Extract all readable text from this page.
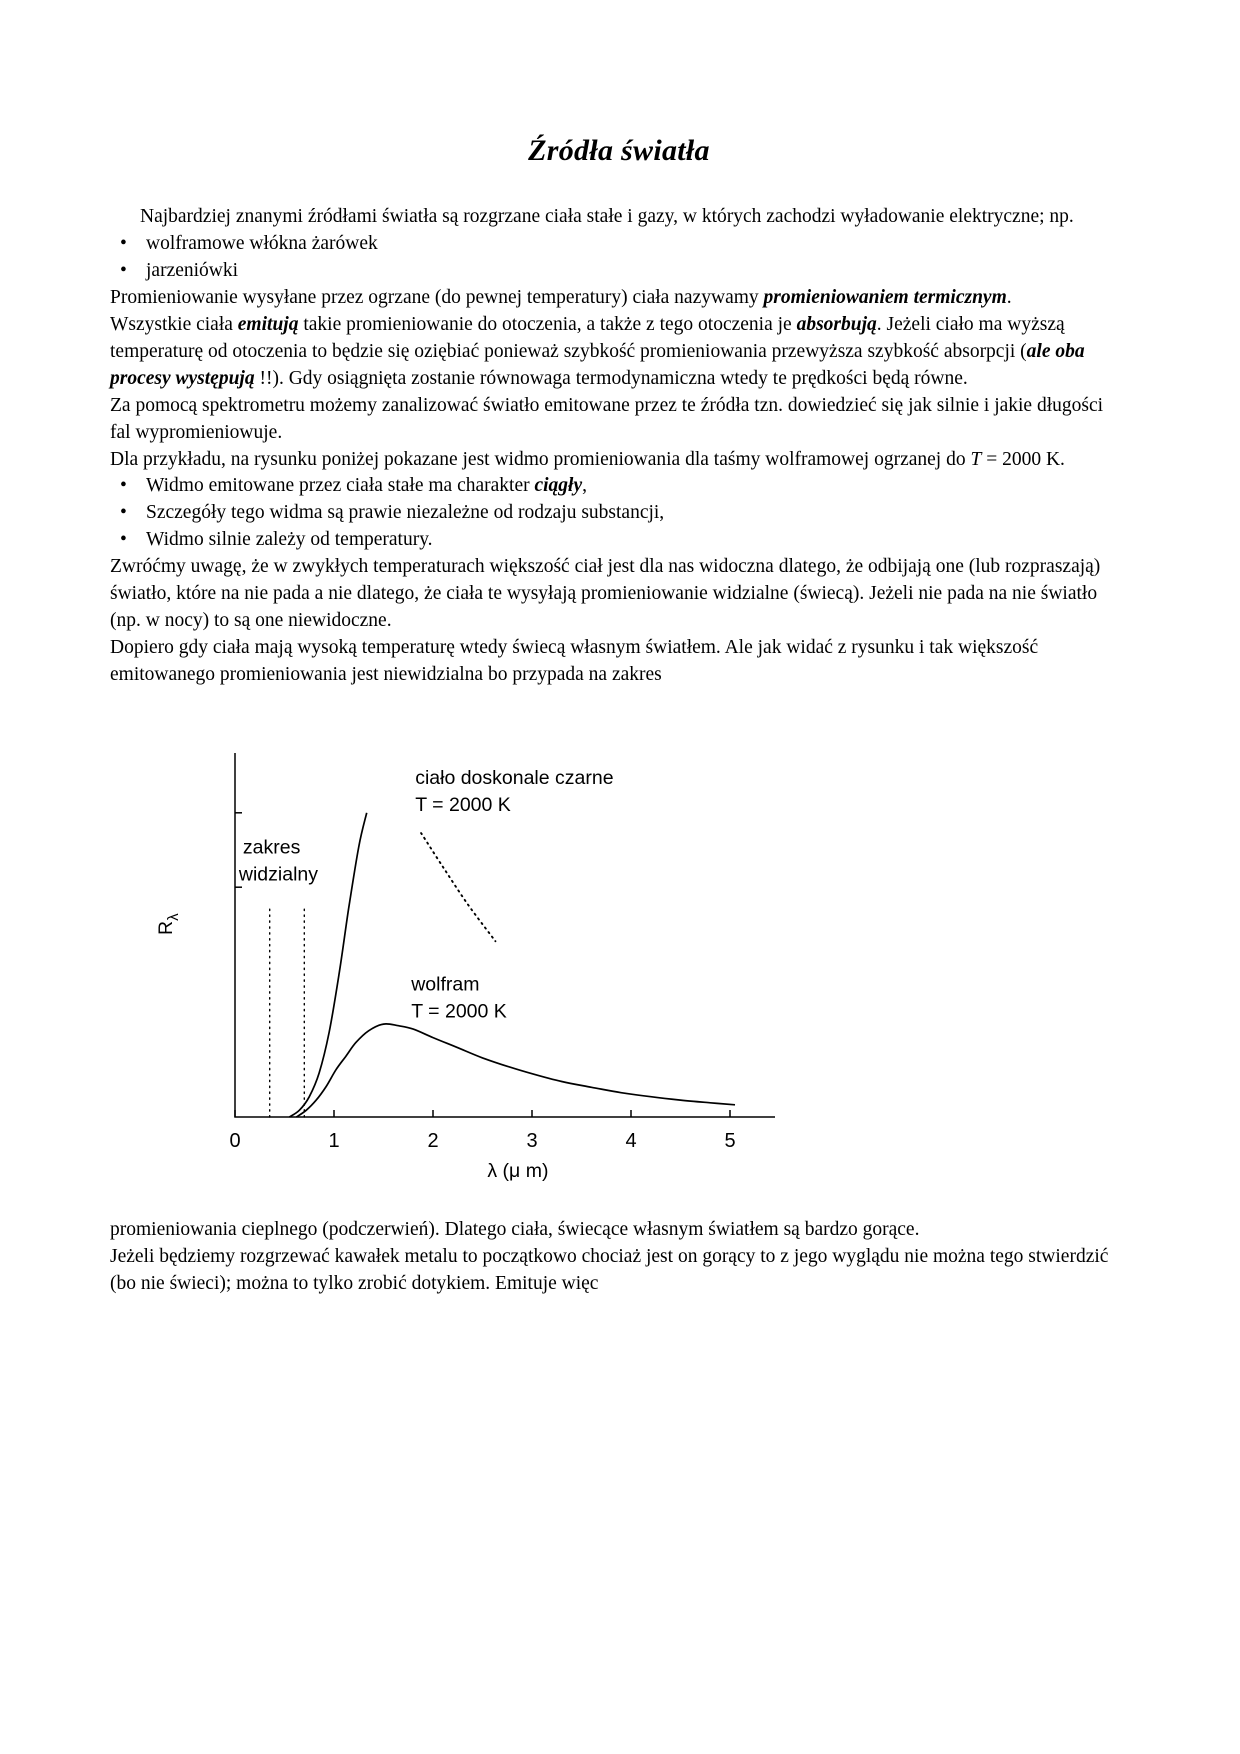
Źródła światła

Najbardziej znanymi źródłami światła są rozgrzane ciała stałe i gazy, w których zachodzi wyładowanie elektryczne; np.

• wolframowe włókna żarówek
• jarzeniówki

Promieniowanie wysyłane przez ogrzane (do pewnej temperatury) ciała nazywamy promieniowaniem termicznym.

Wszystkie ciała emitują takie promieniowanie do otoczenia, a także z tego otoczenia je absorbują. Jeżeli ciało ma wyższą temperaturę od otoczenia to będzie się oziębiać ponieważ szybkość promieniowania przewyższa szybkość absorpcji (ale oba procesy występują !!). Gdy osiągnięta zostanie równowaga termodynamiczna wtedy te prędkości będą równe.

Za pomocą spektrometru możemy zanalizować światło emitowane przez te źródła tzn. dowiedzieć się jak silnie i jakie długości fal wypromieniowuje.

Dla przykładu, na rysunku poniżej pokazane jest widmo promieniowania dla taśmy wolframowej ogrzanej do T = 2000 K.

• Widmo emitowane przez ciała stałe ma charakter ciągły,
• Szczegóły tego widma są prawie niezależne od rodzaju substancji,
• Widmo silnie zależy od temperatury.

Zwróćmy uwagę, że w zwykłych temperaturach większość ciał jest dla nas widoczna dlatego, że odbijają one (lub rozpraszają) światło, które na nie pada a nie dlatego, że ciała te wysyłają promieniowanie widzialne (świecą). Jeżeli nie pada na nie światło (np. w nocy) to są one niewidoczne.

Dopiero gdy ciała mają wysoką temperaturę wtedy świecą własnym światłem. Ale jak widać z rysunku i tak większość emitowanego promieniowania jest niewidzialna bo przypada na zakres

0	1	2	3	4	5
zakres
widzialny
ciało doskonale czarne
T = 2000 K
wolfram
T = 2000 K
λ (μ m)
$R_\lambda$

promieniowania cieplnego (podczerwień). Dlatego ciała, świecące własnym światłem są bardzo gorące.

Jeżeli będziemy rozgrzewać kawałek metalu to początkowo chociaż jest on gorący to z jego wyglądu nie można tego stwierdzić (bo nie świeci); można to tylko zrobić dotykiem. Emituje więc
